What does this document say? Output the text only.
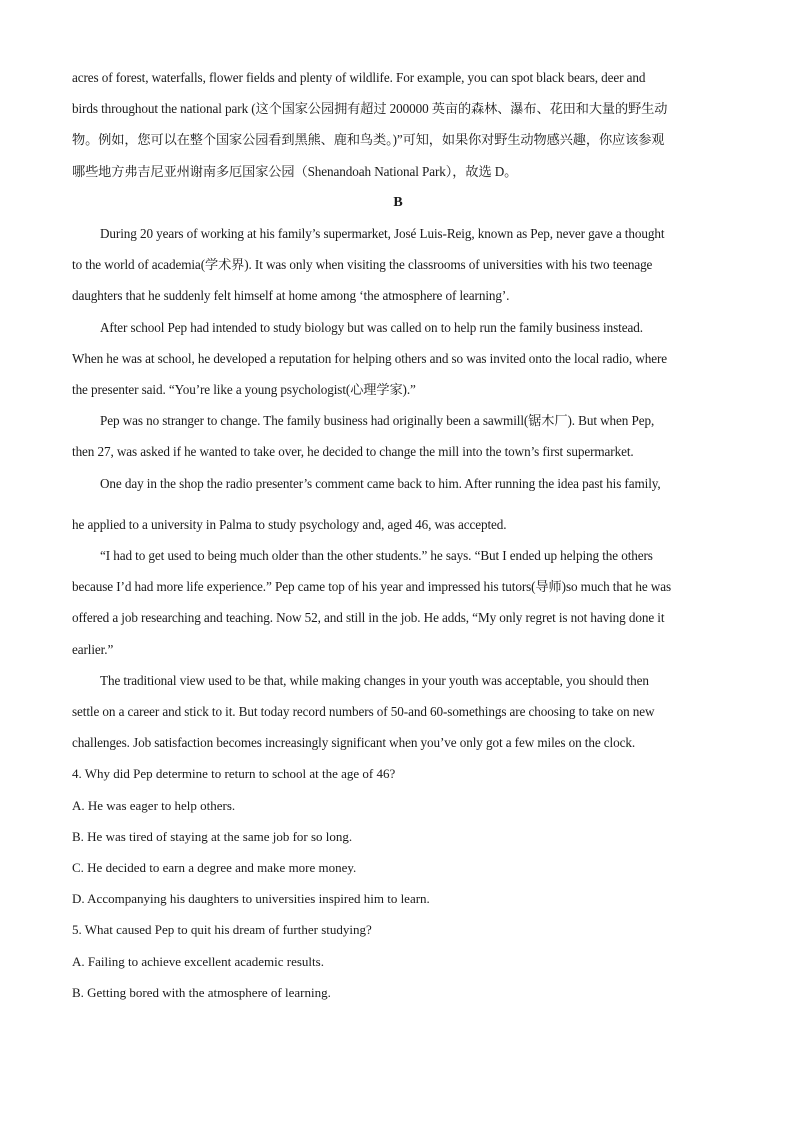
acres of forest, waterfalls, flower fields and plenty of wildlife. For example, you can spot black bears, deer and
birds throughout the national park (这个国家公园拥有超过 200000 英亩的森林、瀑布、花田和大量的野生动
物。例如，您可以在整个国家公园看到黑熊、鹿和鸟类。)”可知，如果你对野生动物感兴趣，你应该参观
哪些地方弗吉尼亚州谢南多厄国家公园（Shenandoah National Park），故选 D。
B
During 20 years of working at his family’s supermarket, José Luis-Reig, known as Pep, never gave a thought
to the world of academia(学术界). It was only when visiting the classrooms of universities with his two teenage
daughters that he suddenly felt himself at home among ‘the atmosphere of learning’.
After school Pep had intended to study biology but was called on to help run the family business instead.
When he was at school, he developed a reputation for helping others and so was invited onto the local radio, where
the presenter said. “You’re like a young psychologist(心理学家).”
Pep was no stranger to change. The family business had originally been a sawmill(锯木厂). But when Pep,
then 27, was asked if he wanted to take over, he decided to change the mill into the town’s first supermarket.
One day in the shop the radio presenter’s comment came back to him. After running the idea past his family,
he applied to a university in Palma to study psychology and, aged 46, was accepted.
“I had to get used to being much older than the other students.” he says. “But I ended up helping the others
because I’d had more life experience.” Pep came top of his year and impressed his tutors(导师)so much that he was
offered a job researching and teaching. Now 52, and still in the job. He adds, “My only regret is not having done it
earlier.”
The traditional view used to be that, while making changes in your youth was acceptable, you should then
settle on a career and stick to it. But today record numbers of 50-and 60-somethings are choosing to take on new
challenges. Job satisfaction becomes increasingly significant when you’ve only got a few miles on the clock.
4. Why did Pep determine to return to school at the age of 46?
A. He was eager to help others.
B. He was tired of staying at the same job for so long.
C. He decided to earn a degree and make more money.
D. Accompanying his daughters to universities inspired him to learn.
5. What caused Pep to quit his dream of further studying?
A. Failing to achieve excellent academic results.
B. Getting bored with the atmosphere of learning.
